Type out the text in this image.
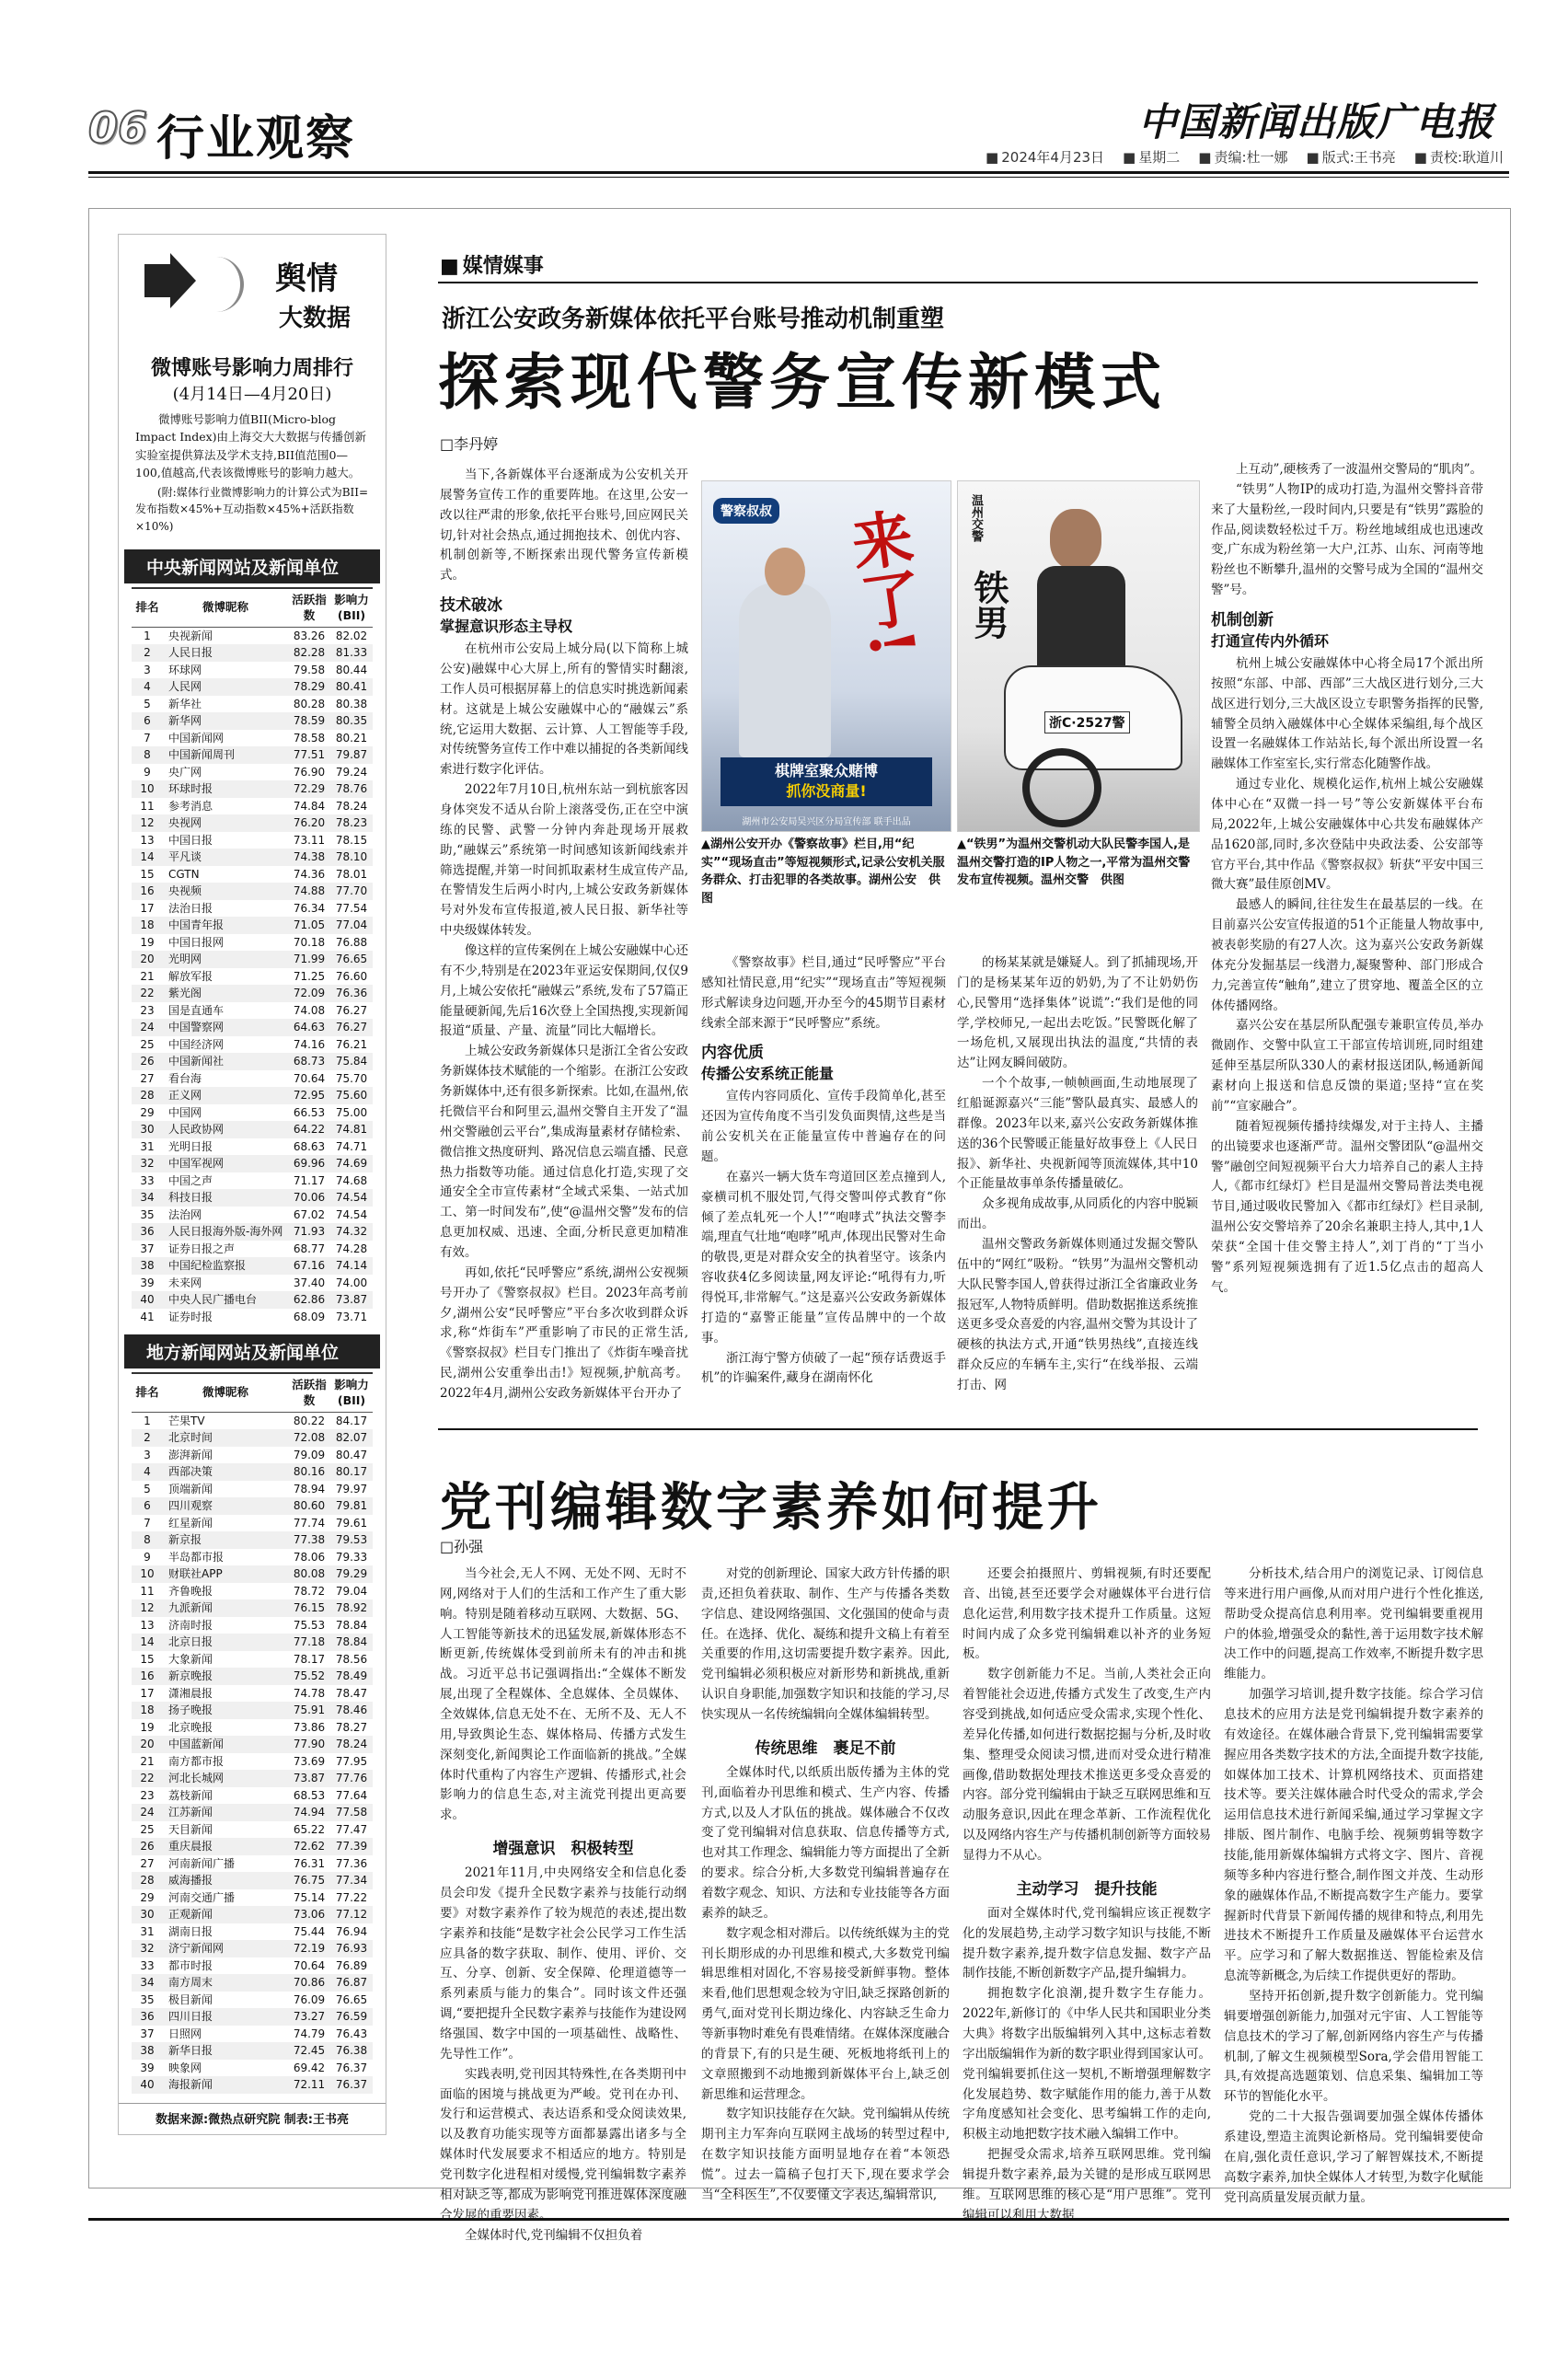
06 行业观察	中国新闻出版广电报
■ 2024年4月23日	■ 星期二	■ 责编:杜一娜	■ 版式:王书亮	■ 责校:耿道川
舆情
大数据
微博账号影响力周排行
(4月14日—4月20日)
微博账号影响力值BII(Micro-blog Impact Index)由上海交大大数据与传播创新实验室提供算法及学术支持,BII值范围0—100,值越高,代表该微博账号的影响力越大。
(附:媒体行业微博影响力的计算公式为BII=发布指数×45%+互动指数×45%+活跃指数×10%)
中央新闻网站及新闻单位
排名	微博昵称	活跃指数	影响力(BII)
1	央视新闻	83.26	82.02
2	人民日报	82.28	81.33
3	环球网	79.58	80.44
4	人民网	78.29	80.41
5	新华社	80.28	80.38
6	新华网	78.59	80.35
7	中国新闻网	78.58	80.21
8	中国新闻周刊	77.51	79.87
9	央广网	76.90	79.24
10	环球时报	72.29	78.76
11	参考消息	74.84	78.24
12	央视网	76.20	78.23
13	中国日报	73.11	78.15
14	平凡谈	74.38	78.10
15	CGTN	74.36	78.01
16	央视频	74.88	77.70
17	法治日报	76.34	77.54
18	中国青年报	71.05	77.04
19	中国日报网	70.18	76.88
20	光明网	71.99	76.65
21	解放军报	71.25	76.60
22	紫光阁	72.09	76.36
23	国是直通车	74.08	76.27
24	中国警察网	64.63	76.27
25	中国经济网	74.16	76.21
26	中国新闻社	68.73	75.84
27	看台海	70.64	75.70
28	正义网	72.95	75.60
29	中国网	66.53	75.00
30	人民政协网	64.22	74.81
31	光明日报	68.63	74.71
32	中国军视网	69.96	74.69
33	中国之声	71.17	74.68
34	科技日报	70.06	74.54
35	法治网	67.02	74.54
36	人民日报海外版-海外网	71.93	74.32
37	证券日报之声	68.77	74.28
38	中国纪检监察报	67.16	74.14
39	未来网	37.40	74.00
40	中央人民广播电台	62.86	73.87
41	证券时报	68.09	73.71
地方新闻网站及新闻单位
排名	微博昵称	活跃指数	影响力(BII)
1	芒果TV	80.22	84.17
2	北京时间	72.08	82.07
3	澎湃新闻	79.09	80.47
4	西部决策	80.16	80.17
5	顶端新闻	78.94	79.97
6	四川观察	80.60	79.81
7	红星新闻	77.74	79.61
8	新京报	77.38	79.53
9	半岛都市报	78.06	79.33
10	财联社APP	80.08	79.29
11	齐鲁晚报	78.72	79.04
12	九派新闻	76.15	78.92
13	济南时报	75.53	78.84
14	北京日报	77.18	78.84
15	大象新闻	78.17	78.56
16	新京晚报	75.52	78.49
17	潇湘晨报	74.78	78.47
18	扬子晚报	75.91	78.46
19	北京晚报	73.86	78.27
20	中国蓝新闻	77.90	78.24
21	南方都市报	73.69	77.95
22	河北长城网	73.87	77.76
23	荔枝新闻	68.53	77.64
24	江苏新闻	74.94	77.58
25	天目新闻	65.22	77.47
26	重庆晨报	72.62	77.39
27	河南新闻广播	76.31	77.36
28	威海播报	76.75	77.34
29	河南交通广播	75.14	77.22
30	正观新闻	73.06	77.12
31	湖南日报	75.44	76.94
32	济宁新闻网	72.19	76.93
33	都市时报	70.64	76.89
34	南方周末	70.86	76.87
35	极目新闻	76.09	76.65
36	四川日报	73.27	76.59
37	日照网	74.79	76.43
38	新华日报	72.45	76.38
39	映象网	69.42	76.37
40	海报新闻	72.11	76.37
数据来源:微热点研究院 制表:王书亮
■ 媒情媒事
浙江公安政务新媒体依托平台账号推动机制重塑
探索现代警务宣传新模式
□ 李丹婷

当下,各新媒体平台逐渐成为公安机关开展警务宣传工作的重要阵地。在这里,公安一改以往严肃的形象,依托平台账号,回应网民关切,针对社会热点,通过拥抱技术、创优内容、机制创新等,不断探索出现代警务宣传新模式。

技术破冰
掌握意识形态主导权

在杭州市公安局上城分局(以下简称上城公安)融媒中心大屏上,所有的警情实时翻滚,工作人员可根据屏幕上的信息实时挑选新闻素材。这就是上城公安融媒中心的“融媒云”系统,它运用大数据、云计算、人工智能等手段,对传统警务宣传工作中难以捕捉的各类新闻线索进行数字化评估。

2022年7月10日,杭州东站一到杭旅客因身体突发不适从台阶上滚落受伤,正在空中演练的民警、武警一分钟内奔赴现场开展救助,“融媒云”系统第一时间感知该新闻线索并筛选提醒,并第一时间抓取素材生成宣传产品,在警情发生后两小时内,上城公安政务新媒体号对外发布宣传报道,被人民日报、新华社等中央级媒体转发。

像这样的宣传案例在上城公安融媒中心还有不少,特别是在2023年亚运安保期间,仅仅9月,上城公安依托“融媒云”系统,发布了57篇正能量硬新闻,先后16次登上全国热搜,实现新闻报道“质量、产量、流量”同比大幅增长。

上城公安政务新媒体只是浙江全省公安政务新媒体技术赋能的一个缩影。在浙江公安政务新媒体中,还有很多新探索。比如,在温州,依托微信平台和阿里云,温州交警自主开发了“温州交警融创云平台”,集成海量素材存储检索、微信推文热度研判、路况信息云端直播、民意热力指数等功能。通过信息化打造,实现了交通安全全市宣传素材“全域式采集、一站式加工、第一时间发布”,使“@温州交警”发布的信息更加权威、迅速、全面,分析民意更加精准有效。

再如,依托“民呼警应”系统,湖州公安视频号开办了《警察叔叔》栏目。2023年高考前夕,湖州公安“民呼警应”平台多次收到群众诉求,称“炸街车”严重影响了市民的正常生活,《警察叔叔》栏目专门推出了《炸街车噪音扰民,湖州公安重拳出击!》短视频,护航高考。2022年4月,湖州公安政务新媒体平台开办了

警察叔叔 来了!
棋牌室聚众赌博
抓你没商量!
湖州市公安局吴兴区分局宣传部 联手出品
温州交警
铁男
浙C·2527警
▲湖州公安开办《警察故事》栏目,用“纪实”“现场直击”等短视频形式,记录公安机关服务群众、打击犯罪的各类故事。湖州公安　供图
▲“铁男”为温州交警机动大队民警李国人,是温州交警打造的IP人物之一,平常为温州交警发布宣传视频。温州交警　供图

《警察故事》栏目,通过“民呼警应”平台感知社情民意,用“纪实”“现场直击”等短视频形式解读身边问题,开办至今的45期节目素材线索全部来源于“民呼警应”系统。

内容优质
传播公安系统正能量

宣传内容同质化、宣传手段简单化,甚至还因为宣传角度不当引发负面舆情,这些是当前公安机关在正能量宣传中普遍存在的问题。

在嘉兴一辆大货车弯道回区差点撞到人,豪横司机不服处罚,气得交警叫停式教育“你倾了差点轧死一个人!”“咆哮式”执法交警李端,理直气壮地“咆哮”吼声,体现出民警对生命的敬畏,更是对群众安全的执着坚守。该条内容收获4亿多阅读量,网友评论:“吼得有力,听得悦耳,非常解气。”这是嘉兴公安政务新媒体打造的“嘉警正能量”宣传品牌中的一个故事。

浙江海宁警方侦破了一起“预存话费返手机”的诈骗案件,藏身在湖南怀化

的杨某某就是嫌疑人。到了抓捕现场,开门的是杨某某年迈的奶奶,为了不让奶奶伤心,民警用“选择集体”说谎”:“我们是他的同学,学校师兄,一起出去吃饭。”民警既化解了一场危机,又展现出执法的温度,“共情的表达”让网友瞬间破防。

一个个故事,一帧帧画面,生动地展现了红船诞源嘉兴“三能”警队最真实、最感人的群像。2023年以来,嘉兴公安政务新媒体推送的36个民警暖正能量好故事登上《人民日报》、新华社、央视新闻等顶流媒体,其中10个正能量故事单条传播量破亿。

众多视角成故事,从同质化的内容中脱颖而出。

温州交警政务新媒体则通过发掘交警队伍中的“网红”吸粉。“铁男”为温州交警机动大队民警李国人,曾获得过浙江全省廉政业务报冠军,人物特质鲜明。借助数据推送系统推送更多受众喜爱的内容,温州交警为其设计了硬核的执法方式,开通“铁男热线”,直接连线群众反应的车辆车主,实行“在线举报、云端打击、网

上互动”,硬核秀了一波温州交警局的“肌肉”。

“铁男”人物IP的成功打造,为温州交警抖音带来了大量粉丝,一段时间内,只要是有“铁男”露脸的作品,阅读数轻松过千万。粉丝地域组成也迅速改变,广东成为粉丝第一大户,江苏、山东、河南等地粉丝也不断攀升,温州的交警号成为全国的“温州交警”号。

机制创新
打通宣传内外循环

杭州上城公安融媒体中心将全局17个派出所按照“东部、中部、西部”三大战区进行划分,三大战区进行划分,三大战区设立专职警务指挥的民警,辅警全员纳入融媒体中心全媒体采编组,每个战区设置一名融媒体工作站站长,每个派出所设置一名融媒体工作室室长,实行常态化随警作战。

通过专业化、规模化运作,杭州上城公安融媒体中心在“双微一抖一号”等公安新媒体平台布局,2022年,上城公安融媒体中心共发布融媒体产品1620部,同时,多次登陆中央政法委、公安部等官方平台,其中作品《警察叔叔》斩获“平安中国三微大赛”最佳原创MV。

最感人的瞬间,往往发生在最基层的一线。在目前嘉兴公安宣传报道的51个正能量人物故事中,被表彰奖励的有27人次。这为嘉兴公安政务新媒体充分发掘基层一线潜力,凝聚警种、部门形成合力,完善宣传“触角”,建立了贯穿地、覆盖全区的立体传播网络。

嘉兴公安在基层所队配强专兼职宣传员,举办微剧作、交警中队宣工干部宣传培训班,同时组建延伸至基层所队330人的素材报送团队,畅通新闻素材向上报送和信息反馈的渠道;坚持“宣在奖前”“宣家融合”。

随着短视频传播持续爆发,对于主持人、主播的出镜要求也逐渐严苛。温州交警团队“@温州交警”融创空间短视频平台大力培养自己的素人主持人,《都市红绿灯》栏目是温州交警局普法类电视节目,通过吸收民警加入《都市红绿灯》栏目录制,温州公安交警培养了20余名兼职主持人,其中,1人荣获“全国十佳交警主持人”,刘丁肖的“丁当小警”系列短视频选拥有了近1.5亿点击的超高人气。

党刊编辑数字素养如何提升
□ 孙强

当今社会,无人不网、无处不网、无时不网,网络对于人们的生活和工作产生了重大影响。特别是随着移动互联网、大数据、5G、人工智能等新技术的迅猛发展,新媒体形态不断更新,传统媒体受到前所未有的冲击和挑战。习近平总书记强调指出:“全媒体不断发展,出现了全程媒体、全息媒体、全员媒体、全效媒体,信息无处不在、无所不及、无人不用,导致舆论生态、媒体格局、传播方式发生深刻变化,新闻舆论工作面临新的挑战。”全媒体时代重构了内容生产逻辑、传播形式,社会影响力的信息生态,对主流党刊提出更高要求。

增强意识　积极转型

2021年11月,中央网络安全和信息化委员会印发《提升全民数字素养与技能行动纲要》对数字素养作了较为规范的表述,提出数字素养和技能“是数字社会公民学习工作生活应具备的数字获取、制作、使用、评价、交互、分享、创新、安全保障、伦理道德等一系列素质与能力的集合”。同时该文件还强调,“要把提升全民数字素养与技能作为建设网络强国、数字中国的一项基础性、战略性、先导性工作”。

实践表明,党刊因其特殊性,在各类期刊中面临的困境与挑战更为严峻。党刊在办刊、发行和运营模式、表达语系和受众阅读效果,以及教育功能实现等方面都暴露出诸多与全媒体时代发展要求不相适应的地方。特别是党刊数字化进程相对缓慢,党刊编辑数字素养相对缺乏等,都成为影响党刊推进媒体深度融合发展的重要因素。

全媒体时代,党刊编辑不仅担负着

对党的创新理论、国家大政方针传播的职责,还担负着获取、制作、生产与传播各类数字信息、建设网络强国、文化强国的使命与责任。在选择、优化、凝练和提升文稿上有着至关重要的作用,这切需要提升数字素养。因此,党刊编辑必须积极应对新形势和新挑战,重新认识自身职能,加强数字知识和技能的学习,尽快实现从一名传统编辑向全媒体编辑转型。

传统思维　裹足不前

全媒体时代,以纸质出版传播为主体的党刊,面临着办刊思维和模式、生产内容、传播方式,以及人才队伍的挑战。媒体融合不仅改变了党刊编辑对信息获取、信息传播等方式,也对其工作理念、编辑能力等方面提出了全新的要求。综合分析,大多数党刊编辑普遍存在着数字观念、知识、方法和专业技能等各方面素养的缺乏。

数字观念相对滞后。以传统纸媒为主的党刊长期形成的办刊思维和模式,大多数党刊编辑思维相对固化,不容易接受新鲜事物。整体来看,他们思想观念较为守旧,缺乏探路创新的勇气,面对党刊长期边缘化、内容缺乏生命力等新事物时难免有畏难情绪。在媒体深度融合的背景下,有的只是生硬、死板地将纸刊上的文章照搬到不动地搬到新媒体平台上,缺乏创新思维和运营理念。

数字知识技能存在欠缺。党刊编辑从传统期刊主力军奔向互联网主战场的转型过程中,在数字知识技能方面明显地存在着“本领恐慌”。过去一篇稿子包打天下,现在要求学会当“全科医生”,不仅要懂文字表达,编辑常识,

还要会拍摄照片、剪辑视频,有时还要配音、出镜,甚至还要学会对融媒体平台进行信息化运营,利用数字技术提升工作质量。这短时间内成了众多党刊编辑难以补齐的业务短板。

数字创新能力不足。当前,人类社会正向着智能社会迈进,传播方式发生了改变,生产内容受到挑战,如何适应受众需求,实现个性化、差异化传播,如何进行数据挖掘与分析,及时收集、整理受众阅读习惯,进而对受众进行精准画像,借助数据处理技术推送更多受众喜爱的内容。部分党刊编辑由于缺乏互联网思维和互动服务意识,因此在理念革新、工作流程优化以及网络内容生产与传播机制创新等方面较易显得力不从心。

主动学习　提升技能

面对全媒体时代,党刊编辑应该正视数字化的发展趋势,主动学习数字知识与技能,不断提升数字素养,提升数字信息发掘、数字产品制作技能,不断创新数字产品,提升编辑力。

拥抱数字化浪潮,提升数字生存能力。2022年,新修订的《中华人民共和国职业分类大典》将数字出版编辑列入其中,这标志着数字出版编辑作为新的数字职业得到国家认可。党刊编辑要抓住这一契机,不断增强理解数字化发展趋势、数字赋能作用的能力,善于从数字角度感知社会变化、思考编辑工作的走向,积极主动地把数字技术融入编辑工作中。

把握受众需求,培养互联网思维。党刊编辑提升数字素养,最为关键的是形成互联网思维。互联网思维的核心是“用户思维”。党刊编辑可以利用大数据

分析技术,结合用户的浏览记录、订阅信息等来进行用户画像,从而对用户进行个性化推送,帮助受众提高信息利用率。党刊编辑要重视用户的体验,增强受众的黏性,善于运用数字技术解决工作中的问题,提高工作效率,不断提升数字思维能力。

加强学习培训,提升数字技能。综合学习信息技术的应用方法是党刊编辑提升数字素养的有效途径。在媒体融合背景下,党刊编辑需要掌握应用各类数字技术的方法,全面提升数字技能,如媒体加工技术、计算机网络技术、页面搭建技术等。要关注媒体融合时代受众的需求,学会运用信息技术进行新闻采编,通过学习掌握文字排版、图片制作、电脑手绘、视频剪辑等数字技能,能用新媒体编辑方式将文字、图片、音视频等多种内容进行整合,制作图文并茂、生动形象的融媒体作品,不断提高数字生产能力。要掌握新时代背景下新闻传播的规律和特点,利用先进技术不断提升工作质量及融媒体平台运营水平。应学习和了解大数据推送、智能检索及信息流等新概念,为后续工作提供更好的帮助。

坚持开拓创新,提升数字创新能力。党刊编辑要增强创新能力,加强对元宇宙、人工智能等信息技术的学习了解,创新网络内容生产与传播机制,了解文生视频模型Sora,学会借用智能工具,有效提高选题策划、信息采集、编辑加工等环节的智能化水平。

党的二十大报告强调要加强全媒体传播体系建设,塑造主流舆论新格局。党刊编辑要使命在肩,强化责任意识,学习了解智媒技术,不断提高数字素养,加快全媒体人才转型,为数字化赋能党刊高质量发展贡献力量。
